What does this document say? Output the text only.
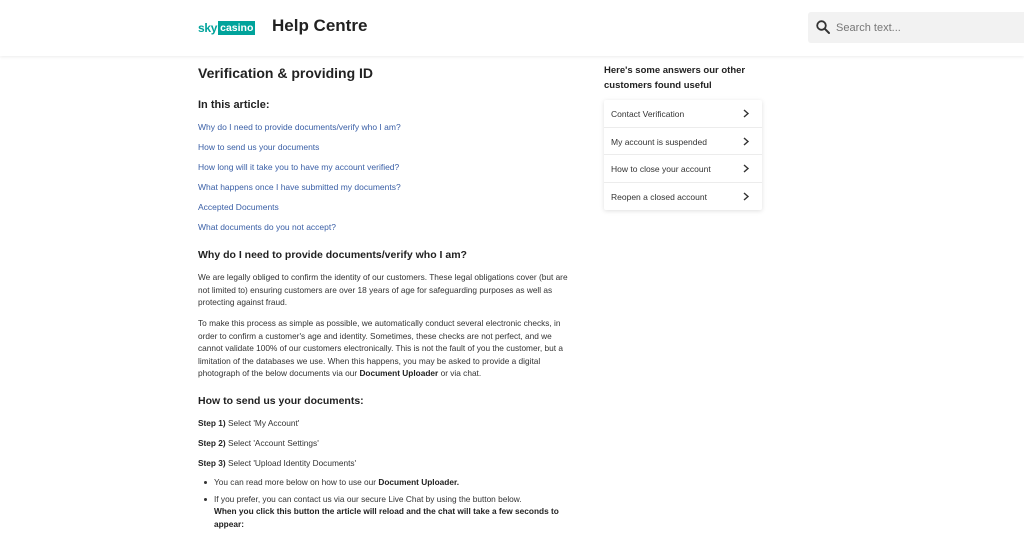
sky casino Help Centre
Search text...
Verification & providing ID
In this article:
Why do I need to provide documents/verify who I am?
How to send us your documents
How long will it take you to have my account verified?
What happens once I have submitted my documents?
Accepted Documents
What documents do you not accept?
Why do I need to provide documents/verify who I am?

We are legally obliged to confirm the identity of our customers. These legal obligations cover (but are not limited to) ensuring customers are over 18 years of age for safeguarding purposes as well as protecting against fraud.

To make this process as simple as possible, we automatically conduct several electronic checks, in order to confirm a customer's age and identity. Sometimes, these checks are not perfect, and we cannot validate 100% of our customers electronically. This is not the fault of you the customer, but a limitation of the databases we use. When this happens, you may be asked to provide a digital photograph of the below documents via our Document Uploader or via chat.

How to send us your documents:
Step 1) Select 'My Account'
Step 2) Select 'Account Settings'
Step 3) Select 'Upload Identity Documents'
You can read more below on how to use our Document Uploader.
If you prefer, you can contact us via our secure Live Chat by using the button below.
When you click this button the article will reload and the chat will take a few seconds to appear:
Here's some answers our other customers found useful
Contact Verification
My account is suspended
How to close your account
Reopen a closed account
